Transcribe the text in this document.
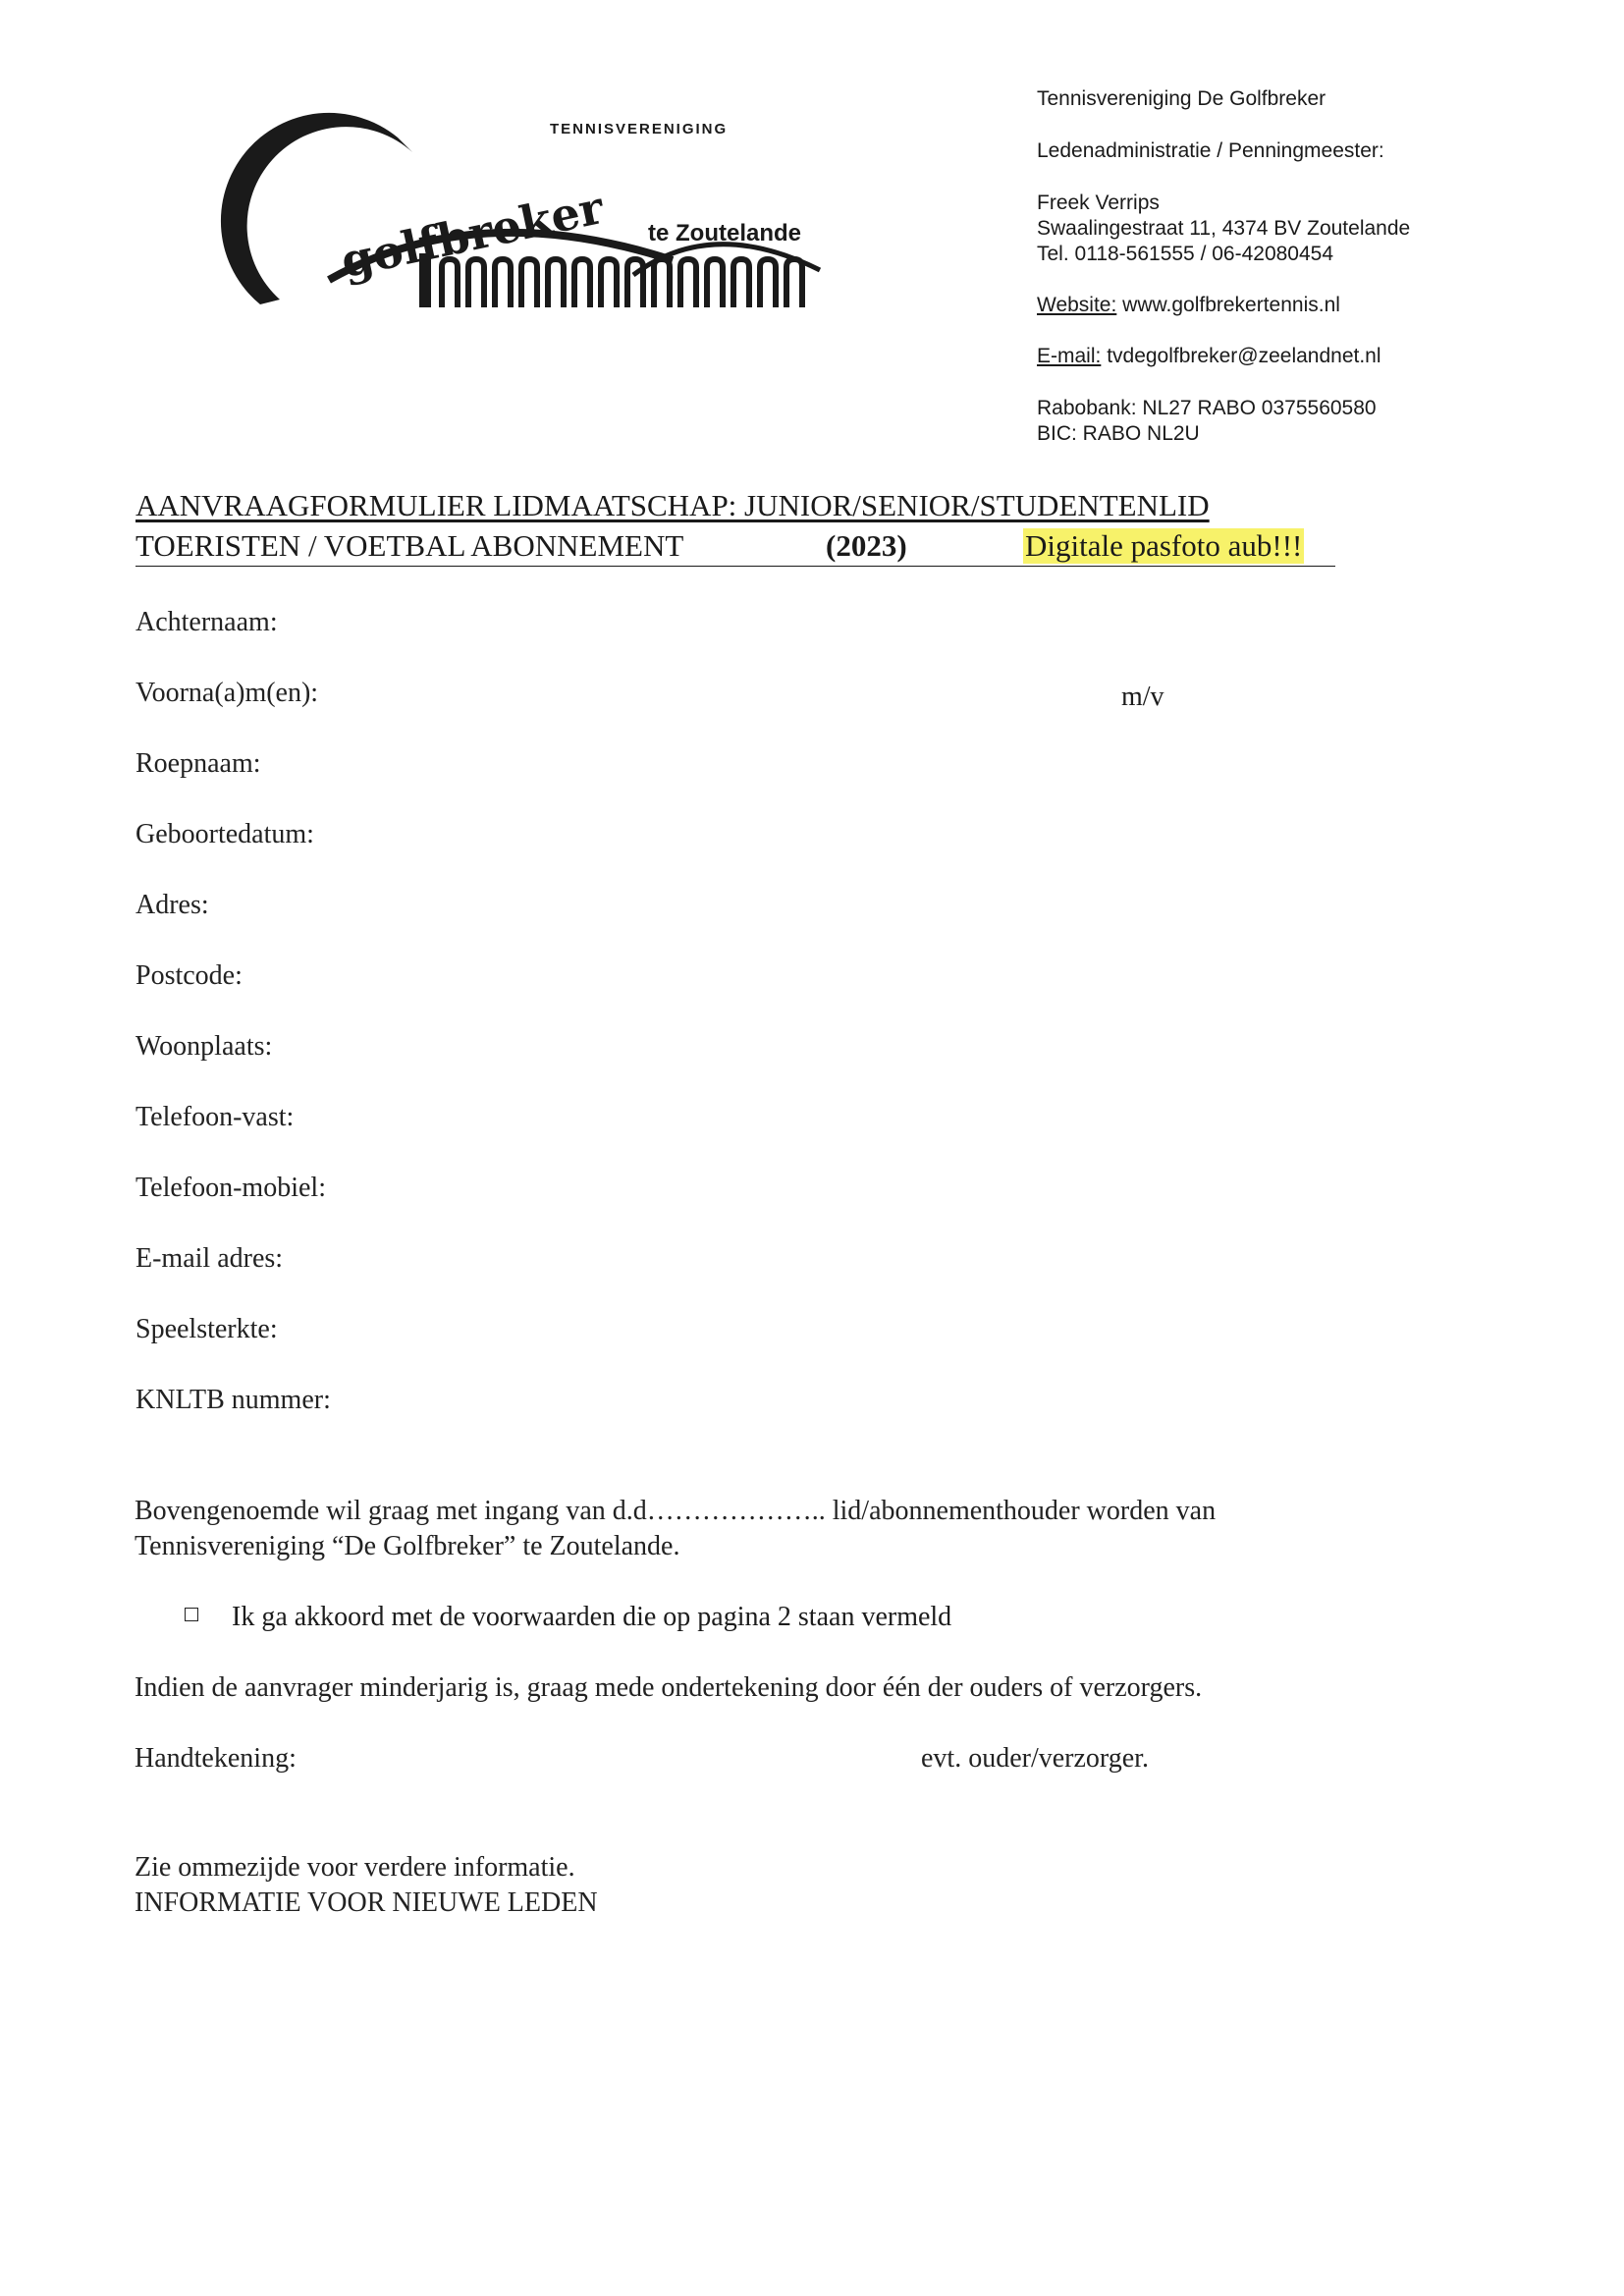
TENNISVERENIGING
golfbreker te Zoutelande
Tennisvereniging De Golfbreker
Ledenadministratie / Penningmeester:
Freek Verrips
Swaalingestraat 11, 4374 BV Zoutelande
Tel. 0118-561555 / 06-42080454
Website: www.golfbrekertennis.nl
E-mail: tvdegolfbreker@zeelandnet.nl
Rabobank: NL27 RABO 0375560580
BIC: RABO NL2U
AANVRAAGFORMULIER LIDMAATSCHAP: JUNIOR/SENIOR/STUDENTENLID
TOERISTEN / VOETBAL ABONNEMENT	(2023)	Digitale pasfoto aub!!!
Achternaam:
Voorna(a)m(en):	m/v
Roepnaam:
Geboortedatum:
Adres:
Postcode:
Woonplaats:
Telefoon-vast:
Telefoon-mobiel:
E-mail adres:
Speelsterkte:
KNLTB nummer:
Bovengenoemde wil graag met ingang van d.d……………….. lid/abonnementhouder worden van
Tennisvereniging “De Golfbreker” te Zoutelande.
Ik ga akkoord met de voorwaarden die op pagina 2 staan vermeld
Indien de aanvrager minderjarig is, graag mede ondertekening door één der ouders of verzorgers.
Handtekening:	evt. ouder/verzorger.
Zie ommezijde voor verdere informatie.
INFORMATIE VOOR NIEUWE LEDEN
